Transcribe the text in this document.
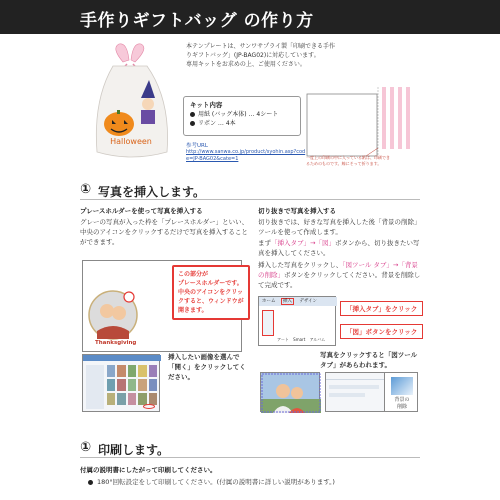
手作りギフトバッグ の作り方
Halloween
本テンプレートは、サンワサプライ製「印刷できる手作りギフトバッグ」(JP-BAG02)に対応しています。
専用キットをお求めの上、ご使用ください。
キット内容
用紙 (バッグ本体) … 4シート
リボン … 4本
参考URL
http://www.sanwa.co.jp/product/syohin.asp?code=JP-BAG02&cate=1	一度上の印刷の中に入っている紙は、印刷でき
るためのものです。線にそって折ります。
① 写真を挿入します。
プレースホルダーを使って写真を挿入する
グレーの写真が入った枠を「プレースホルダー」といい、中央のアイコンをクリックするだけで写真を挿入することができます。
Thanksgiving
この部分が
プレースホルダーです。
中央のアイコンをクリックすると、ウィンドウが開きます。
挿入したい画像を選んで「開く」をクリックしてください。
切り抜きで写真を挿入する
切り抜きでは、好きな写真を挿入した後「背景の削除」ツールを使って作成します。
まず「挿入タブ」→「図」ボタンから、切り抜きたい写真を挿入してください。
挿入した写真をクリックし、「図ツール タブ」→「背景の削除」ボタンをクリックしてください。背景を削除して完成です。
ホーム 挿入 デザイン
アート Smart アルバム
「挿入タブ」をクリック
「図」ボタンをクリック
写真をクリックすると「図ツール タブ」があらわれます。
背景の
削除
① 印刷します。
付属の説明書にしたがって印刷してください。
180°回転設定をして印刷してください。(付属の説明書に詳しい説明があります。)
